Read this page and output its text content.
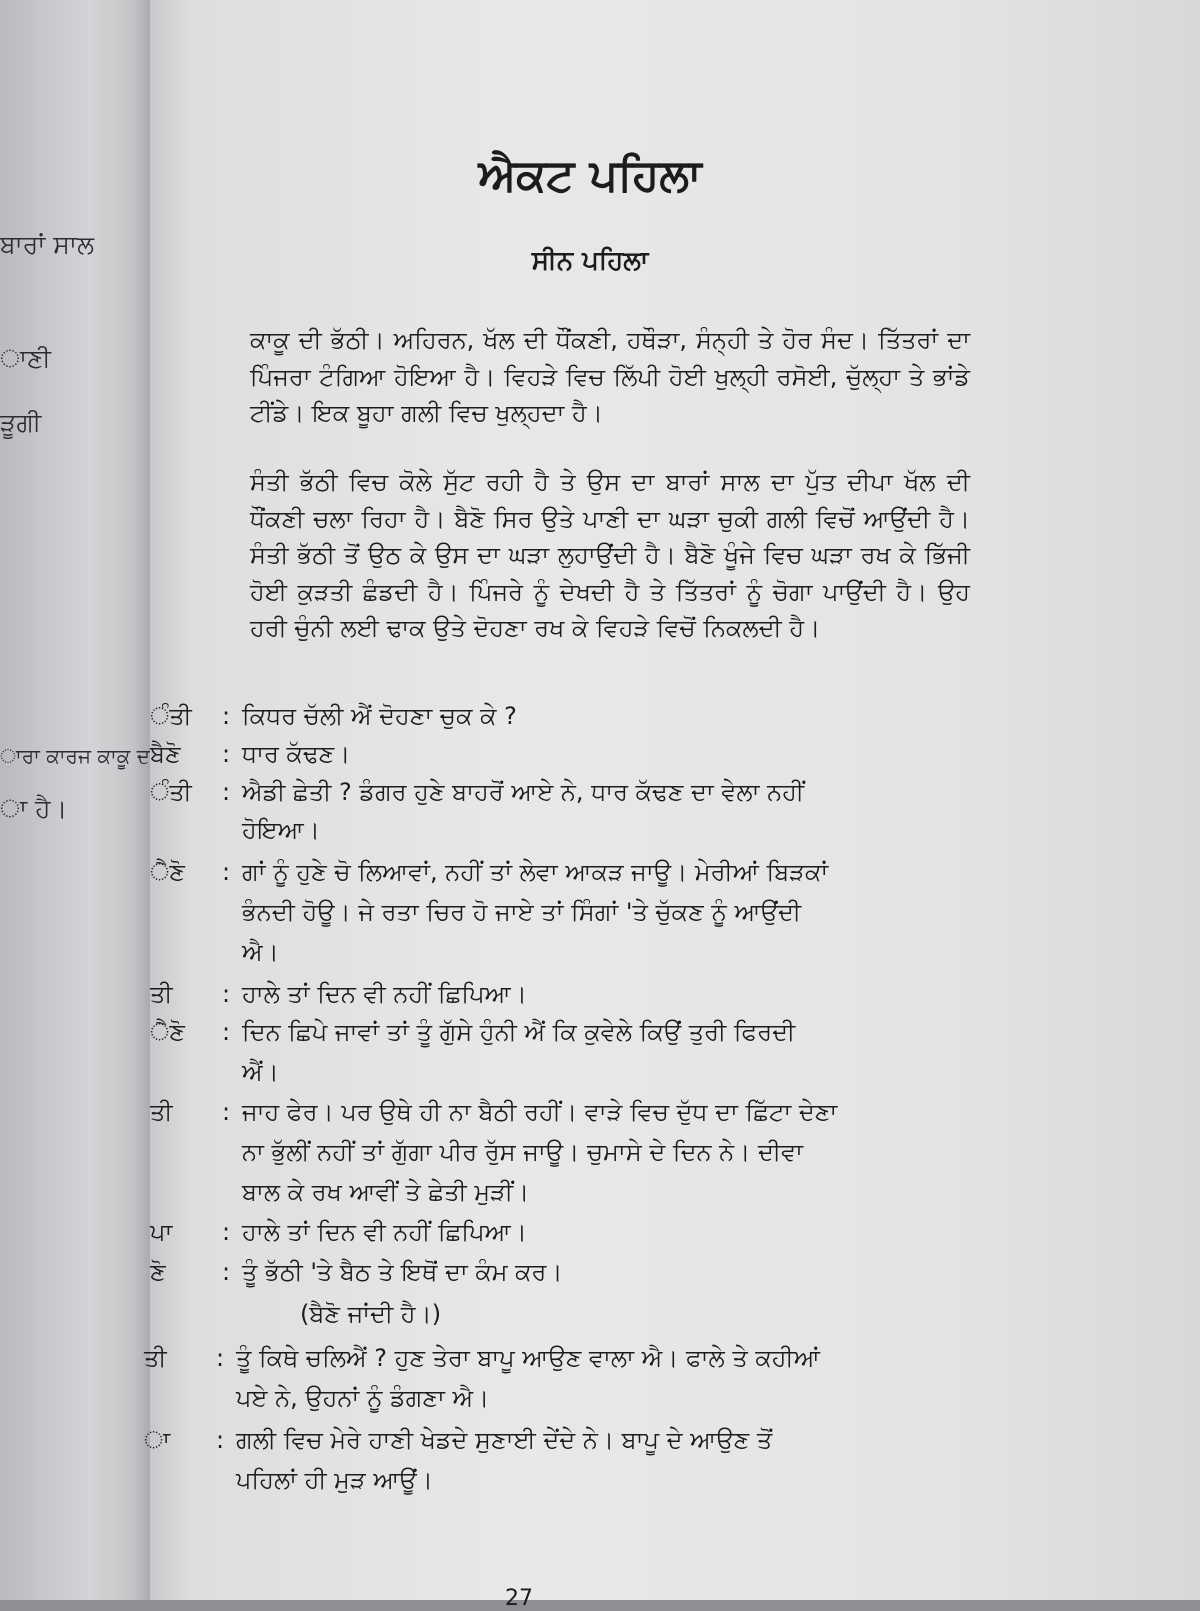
ਬਾਰਾਂ ਸਾਲ
ਾਣੀ
ੜੂਗੀ
ਾਰਾ ਕਾਰਜ ਕਾਕੂ ਦ
ਾ ਹੈ।
ਐਕਟ ਪਹਿਲਾ
ਸੀਨ ਪਹਿਲਾ

ਕਾਕੂ ਦੀ ਭੱਠੀ। ਅਹਿਰਨ, ਖੱਲ ਦੀ ਧੌਂਕਣੀ, ਹਥੌੜਾ, ਸੰਨ੍ਹੀ ਤੇ ਹੋਰ ਸੰਦ। ਤਿੱਤਰਾਂ ਦਾ ਪਿੰਜਰਾ ਟੰਗਿਆ ਹੋਇਆ ਹੈ। ਵਿਹੜੇ ਵਿਚ ਲਿੱਪੀ ਹੋਈ ਖੁਲ੍ਹੀ ਰਸੋਈ, ਚੁੱਲ੍ਹਾ ਤੇ ਭਾਂਡੇ ਟੀਂਡੇ। ਇਕ ਬੂਹਾ ਗਲੀ ਵਿਚ ਖੁਲ੍ਹਦਾ ਹੈ।

ਸੰਤੀ ਭੱਠੀ ਵਿਚ ਕੋਲੇ ਸੁੱਟ ਰਹੀ ਹੈ ਤੇ ਉਸ ਦਾ ਬਾਰਾਂ ਸਾਲ ਦਾ ਪੁੱਤ ਦੀਪਾ ਖੱਲ ਦੀ ਧੌਂਕਣੀ ਚਲਾ ਰਿਹਾ ਹੈ। ਬੈਣੋ ਸਿਰ ਉਤੇ ਪਾਣੀ ਦਾ ਘੜਾ ਚੁਕੀ ਗਲੀ ਵਿਚੋਂ ਆਉਂਦੀ ਹੈ। ਸੰਤੀ ਭੱਠੀ ਤੋਂ ਉਠ ਕੇ ਉਸ ਦਾ ਘੜਾ ਲੁਹਾਉਂਦੀ ਹੈ। ਬੈਣੋ ਖੂੰਜੇ ਵਿਚ ਘੜਾ ਰਖ ਕੇ ਭਿੱਜੀ ਹੋਈ ਕੁੜਤੀ ਛੰਡਦੀ ਹੈ। ਪਿੰਜਰੇ ਨੂੰ ਦੇਖਦੀ ਹੈ ਤੇ ਤਿੱਤਰਾਂ ਨੂੰ ਚੋਗਾ ਪਾਉਂਦੀ ਹੈ। ਉਹ ਹਰੀ ਚੁੰਨੀ ਲਈ ਢਾਕ ਉਤੇ ਦੋਹਣਾ ਰਖ ਕੇ ਵਿਹੜੇ ਵਿਚੋਂ ਨਿਕਲਦੀ ਹੈ।

ੰਤੀ : ਕਿਧਰ ਚੱਲੀ ਐਂ ਦੋਹਣਾ ਚੁਕ ਕੇ ?
ਬੈਣੋ : ਧਾਰ ਕੱਢਣ।
ੰਤੀ : ਐਡੀ ਛੇਤੀ ? ਡੰਗਰ ਹੁਣੇ ਬਾਹਰੋਂ ਆਏ ਨੇ, ਧਾਰ ਕੱਢਣ ਦਾ ਵੇਲਾ ਨਹੀਂ
ਹੋਇਆ।
ੈਣੋ : ਗਾਂ ਨੂੰ ਹੁਣੇ ਚੋ ਲਿਆਵਾਂ, ਨਹੀਂ ਤਾਂ ਲੇਵਾ ਆਕੜ ਜਾਊ। ਮੇਰੀਆਂ ਬਿੜਕਾਂ
ਭੰਨਦੀ ਹੋਊ। ਜੇ ਰਤਾ ਚਿਰ ਹੋ ਜਾਏ ਤਾਂ ਸਿੰਗਾਂ 'ਤੇ ਚੁੱਕਣ ਨੂੰ ਆਉਂਦੀ
ਐ।
ਤੀ : ਹਾਲੇ ਤਾਂ ਦਿਨ ਵੀ ਨਹੀਂ ਛਿਪਿਆ।
ੈਣੋ : ਦਿਨ ਛਿਪੇ ਜਾਵਾਂ ਤਾਂ ਤੂੰ ਗੁੱਸੇ ਹੁੰਨੀ ਐਂ ਕਿ ਕੁਵੇਲੇ ਕਿਉਂ ਤੁਰੀ ਫਿਰਦੀ
ਐਂ।
ਤੀ : ਜਾਹ ਫੇਰ। ਪਰ ਉਥੇ ਹੀ ਨਾ ਬੈਠੀ ਰਹੀਂ। ਵਾੜੇ ਵਿਚ ਦੁੱਧ ਦਾ ਛਿੱਟਾ ਦੇਣਾ
ਨਾ ਭੁੱਲੀਂ ਨਹੀਂ ਤਾਂ ਗੁੱਗਾ ਪੀਰ ਰੁੱਸ ਜਾਊ। ਚੁਮਾਸੇ ਦੇ ਦਿਨ ਨੇ। ਦੀਵਾ
ਬਾਲ ਕੇ ਰਖ ਆਵੀਂ ਤੇ ਛੇਤੀ ਮੁੜੀਂ।
ਪਾ : ਹਾਲੇ ਤਾਂ ਦਿਨ ਵੀ ਨਹੀਂ ਛਿਪਿਆ।
ਣੋ : ਤੂੰ ਭੱਠੀ 'ਤੇ ਬੈਠ ਤੇ ਇਥੋਂ ਦਾ ਕੰਮ ਕਰ।
(ਬੈਣੋ ਜਾਂਦੀ ਹੈ।)
ਤੀ : ਤੂੰ ਕਿਥੇ ਚਲਿਐਂ ? ਹੁਣ ਤੇਰਾ ਬਾਪੂ ਆਉਣ ਵਾਲਾ ਐ। ਫਾਲੇ ਤੇ ਕਹੀਆਂ
ਪਏ ਨੇ, ਉਹਨਾਂ ਨੂੰ ਡੰਗਣਾ ਐ।
ਾ : ਗਲੀ ਵਿਚ ਮੇਰੇ ਹਾਣੀ ਖੇਡਦੇ ਸੁਣਾਈ ਦੇਂਦੇ ਨੇ। ਬਾਪੂ ਦੇ ਆਉਣ ਤੋਂ
ਪਹਿਲਾਂ ਹੀ ਮੁੜ ਆਊਂ।
27
